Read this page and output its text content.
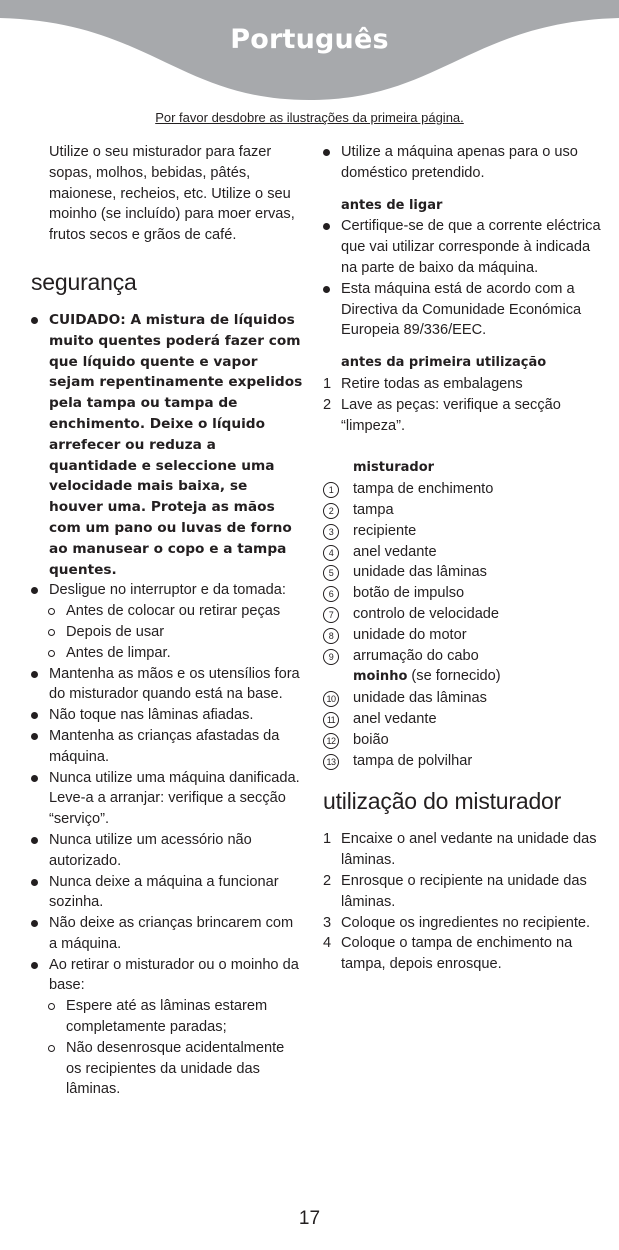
Português
Por favor desdobre as ilustrações da primeira página.

Utilize o seu misturador para fazer sopas, molhos, bebidas, pâtés, maionese, recheios, etc. Utilize o seu moinho (se incluído) para moer ervas, frutos secos e grãos de café.

segurança

CUIDADO: A mistura de líquidos muito quentes poderá fazer com que líquido quente e vapor sejam repentinamente expelidos pela tampa ou tampa de enchimento. Deixe o líquido arrefecer ou reduza a quantidade e seleccione uma velocidade mais baixa, se houver uma. Proteja as mãos com um pano ou luvas de forno ao manusear o copo e a tampa quentes.

Desligue no interruptor e da tomada:

Antes de colocar ou retirar peças

Depois de usar

Antes de limpar.

Mantenha as mãos e os utensílios fora do misturador quando está na base.

Não toque nas lâminas afiadas.

Mantenha as crianças afastadas da máquina.

Nunca utilize uma máquina danificada. Leve-a a arranjar: verifique a secção “serviço”.

Nunca utilize um acessório não autorizado.

Nunca deixe a máquina a funcionar sozinha.

Não deixe as crianças brincarem com a máquina.

Ao retirar o misturador ou o moinho da base:

Espere até as lâminas estarem completamente paradas;

Não desenrosque acidentalmente os recipientes da unidade das lâminas.

Utilize a máquina apenas para o uso doméstico pretendido.

antes de ligar

Certifique-se de que a corrente eléctrica que vai utilizar corresponde à indicada na parte de baixo da máquina.

Esta máquina está de acordo com a Directiva da Comunidade Económica Europeia 89/336/EEC.

antes da primeira utilização

1 Retire todas as embalagens

2 Lave as peças: verifique a secção “limpeza”.

misturador

1	tampa de enchimento

2	tampa

3	recipiente

4	anel vedante

5	unidade das lâminas

6	botão de impulso

7	controlo de velocidade

8	unidade do motor

9	arrumação do cabo

moinho (se fornecido)

10 unidade das lâminas

11 anel vedante

12 boião

13 tampa de polvilhar

utilização do misturador

1 Encaixe o anel vedante na unidade das lâminas.

2 Enrosque o recipiente na unidade das lâminas.

3 Coloque os ingredientes no recipiente.

4 Coloque o tampa de enchimento na tampa, depois enrosque.

17
